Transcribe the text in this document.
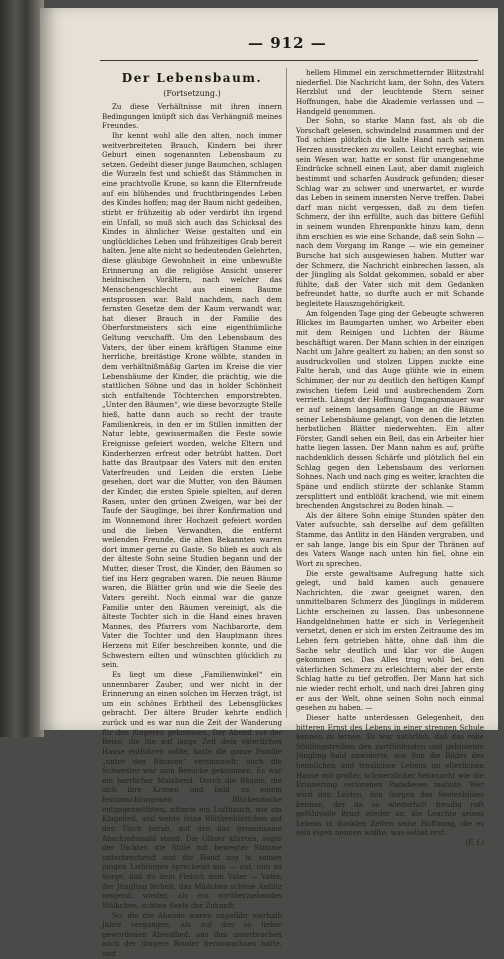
— 912 —

Der Lebensbaum.

(Fortsetzung.)

Zu diese Verhältnisse mit ihren innern Bedingungen knüpft sich das Verhängniß meines Freundes.

Ihr kennt wohl alle den alten, noch immer weitverbreiteten Brauch, Kindern bei ihrer Geburt einen sogenannten Lebensbaum zu setzen. Gedeiht dieser junge Baumchen, schlagen die Wurzeln fest und schießt das Stämmchen in eine prachtvolle Krone, so kann die Elternfreude auf ein blühendes und fruchtbringendes Leben des Kindes hoffen; mag der Baum nicht gedeihen, stirbt er frühzeitig ab oder verdirbt ihn irgend ein Unfall, so muß sich auch das Schicksal des Kindes in ähnlicher Weise gestalten und ein unglückliches Leben und frühzeitiges Grab bereit halten. Jene alte nicht so bedeutenden Gelehrten, diese gläubige Gewohnheit in eine unbewußte Erinnerung an die religiöse Ansicht unserer heidnischen Vorältern, nach welcher das Menschengeschlecht aus einem Baume entsprossen war. Bald nachdem, nach dem fernsten Gesetze dem der Kaum verwandt war, hat dieser Brauch in der Familie des Oberforstmeisters sich eine eigenthümliche Geltung verschafft. Um den Lebensbaum des Vaters, der über einem kräftigen Stamme eine herrliche, breitästige Krone wölbte, standen in dem verhältnißmäßig Garten im Kreise die vier Lebensbäume der Kinder, die prächtig, wie die stattlichen Söhne und das in holder Schönheit sich entfaltende Töchterchen emporstrebten. „Unter den Bäumen“, wie diese bevorzugte Stelle hieß, hatte dann auch so recht der traute Familienkreis, in den er im Stillen inmitten der Natur lebte, gewissermaßen die Feste sowie Ereignisse gefeiert worden, welche Eltern und Kinderherzen erfreut oder betrübt hatten. Dort hatte das Brautpaar des Vaters mit den ersten Vaterfreuden und Leiden die ersten Liebe gesehen, dort war die Mutter, von den Bäumen der Kinder, die ersten Spiele spielten, auf deren Rasen, unter den grünen Zweigen, war bei der Taufe der Säuglinge, bei ihrer Konfirmation und im Wonnemond ihrer Hochzeit gefeiert worden und die lieben Verwandten, die entfernt weilenden Freunde, die alten Bekannten waren dort immer gerne zu Gaste. So blieb es auch als der älteste Sohn seine Studien begann und der Mutter, dieser Trost, die Kinder, den Bäumen so tief ins Herz gegraben waren. Die neuen Bäume waren, die Blätter grün und wie die Seele des Vaters gereiht. Noch einmal war die ganze Familie unter den Bäumen vereinigt, als die älteste Tochter sich in die Hand eines braven Mannes, des Pfarrers vom Nachbarorte, dem Vater die Tochter und den Hauptmann ihres Herzens mit Eifer beschreiben konnte, und die Schwestern eilten und wünschten glücklich zu sein.

Es liegt um diese „Familienwinkel“ ein unnennbarer Zauber, und wer nicht in der Erinnerung an einen solchen im Herzen trägt, ist um ein schönes Erbtheil des Lebensglückes gebracht. Der ältere Bruder kehrte endlich zurück und es war nun die Zeit der Wanderung für den jüngeren gekommen. Der Abend vor der Reise, die ihn auf lange Zeit dem väterlichen Hause entführen sollte, hatte die ganze Familie „unter den Bäumen“ versammelt; auch die Schwester war zum Besuche gekommen. Es war ein herrlicher Maiabend. Durch die Bäume, die sich ihre Kronen und bald zu einem festumschlungenen Blüthendache entgegenwölbten, zitterte ein Lufthauch, wie ein Klagelied, und wehte feine Blüthenblättchen auf den Tisch herab, auf den das gemeinsame Abschiedsmahl stand. Die Gläser klirrten, sagte der Dichter, die Stille mit bewegter Stimme unterbrechend und die Hand zog in seinen jungen Lieblingen sprechend aus — auf, nun zu Sorge, daß du dein Fleisch dem Vater — Vater, der Jüngling lächelt, das Mädchen schöne Antlitz neigend, wieder, als ein vorüberziehendes Wölkchen, schöne Seele der Zukunft.

So, die die Abende waren ungefähr vierhalb Jahre vergangen, als auf das so lieber gewordenen Abendlied, aus ihm unterbrochen auch der jüngere Bruder heranwachsen hatte, und

hellem Himmel ein zerschmetternder Blitzstrahl niederfiel. Die Nachricht kam, der Sohn, des Vaters Herzblut und der leuchtende Stern seiner Hoffnungen, habe die Akademie verlassen und — Handgeld genommen.

Der Sohn, so starke Mann fast, als ob die Vorschaft gelesen, schwindelnd zusammen und der Tod schien plötzlich die kalte Hand nach seinem Herzen ausstrecken zu wollen. Leicht erregbar, wie sein Wesen war, hatte er sonst für unangenehme Eindrücke schnell einen Laut, aber damit zugleich bestimmt und scharfen Ausdruck gefunden; dieser Schlag war zu schwer und unerwartet, er wurde das Leben in seinem innersten Nerve treffen. Dabei darf man nicht vergessen, daß zu dem tiefen Schmerz, der ihn erfüllte, auch das bittere Gefühl in seinem wunden Ehrenpunkte hinzu kam, denn ihm erschien es wie eine Schande, daß sein Sohn — nach dem Vorgang im Range — wie ein gemeiner Bursche hat sich ausgewiesen haben. Mutter war der Schmerz, die Nachricht einbrechen lassen, als der Jüngling als Soldat gekommen, sobald er aber fühlte, daß der Vater sich mit dem Gedanken befreundet hatte, so durfte auch er mit Schande begleitete Hauszugehörigkeit.

Am folgenden Tage ging der Gebeugte schweren Blickes im Baumgarten umher, wo Arbeiter eben mit dem Reinigen und Lichten der Bäume beschäftigt waren. Der Mann schien in der einzigen Nacht um Jahre gealtert zu haben; an den sonst so ausdruckvollen und stolzen Lippen zuckte eine Falte herab, und das Auge glühte wie in einem Schimmer, der nur zu deutlich den heftigen Kampf zwischen tiefem Leid und ausbrechendem Zorn verrieth. Längst der Hoffnung Umgangsmauer war er auf seinem langsamen Gange an die Bäume seiner Lebensbäume gelangt, von denen die letzten herbstlichen Blätter niederwehten. Ein alter Förster, Gandl sehen ein Beil, das ein Arbeiter hier hatte liegen lassen. Der Mann nahm es auf, prüfte nachdenklich dessen Schärfe und plötzlich fiel ein Schlag gegen den Lebensbaum des verlornen Sohnes. Nach und nach ging es weiter, krachten die Späne und endlich stürzte der schlanke Stamm zersplittert und entblößt krachend, wie mit einem brechenden Angstschrei zu Boden hinab. —

Als der ältere Sohn einige Stunden später den Vater aufsuchte, sah derselbe auf dem gefällten Stamme, das Antlitz in den Händen vergraben, und er sah lange, lange bis ein Spur der Thränen auf des Vaters Wange nach unten hin fiel, ohne ein Wort zu sprechen.

Die erste gewaltsame Aufregung hatte sich gelegt, und bald kamen auch genauere Nachrichten, die zwar geeignet waren, den unmittelbaren Schmerz des Jünglings in milderem Lichte erscheinen zu lassen. Das unbesonnene Handgeldnehmen hatte er sich in Verlegenheit versetzt, denen er sich im ersten Zeitraume des im Leben fern getrieben hätte, ohne daß ihm die Sache sehr deutlich und klar vor die Augen gekommen sei. Das Alles trug wohl bei, den väterlichen Schmerz zu erleichtern; aber der erste Schlag hatte zu tief getroffen. Der Mann hat sich nie wieder recht erholt, und nach drei Jahren ging er aus der Welt, ohne seinen Sohn noch einmal gesehen zu haben. —

Dieser hatte unterdessen Gelegenheit, den bitteren Ernst des Lebens in einer strengen Schule kennen zu lernen. Es war natürlich, daß das rohe Söldlingstreiben den zartfühlenden und gebildeten Jüngling bald anwiderte, wie ihm die Bilder des heimlichen und traulichen Lebens im elterlichen Hause mit großer, schmerzlicher Sehnsucht wie die Erinnerung verlorenen Paradieses mahnte. Wer wird den Leiden, den Sorgen des Seelenbildes kennen, der da so wiederholt freudig ruft gefühlvolle Brust wieder an, die Leuchte seines Lebens in dunklen Zeiten seine Hoffnung, die es sein eigen nennen wollte; was selbst erst.

(F. f.)
